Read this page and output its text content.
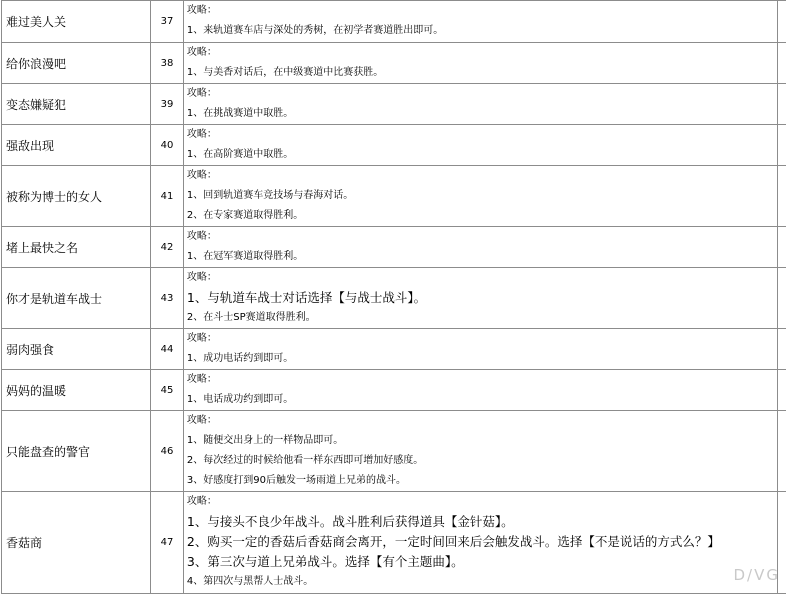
难过美人关	37	攻略：
1、来轨道赛车店与深处的秀树，在初学者赛道胜出即可。	

给你浪漫吧	38	攻略：
1、与美香对话后，在中级赛道中比赛获胜。	

变态嫌疑犯	39	攻略：
1、在挑战赛道中取胜。	

强敌出现	40	攻略：
1、在高阶赛道中取胜。	

被称为博士的女人	41	攻略：
1、回到轨道赛车竞技场与春海对话。
2、在专家赛道取得胜利。	

堵上最快之名	42	攻略：
1、在冠军赛道取得胜利。	

你才是轨道车战士	43	攻略：
1、与轨道车战士对话选择【与战士战斗】。
2、在斗士SP赛道取得胜利。	

弱肉强食	44	攻略：
1、成功电话约到即可。	

妈妈的温暖	45	攻略：
1、电话成功约到即可。	

只能盘查的警官	46	攻略：
1、随便交出身上的一样物品即可。
2、每次经过的时候给他看一样东西即可增加好感度。
3、好感度打到90后触发一场雨道上兄弟的战斗。	

香菇商	47	攻略：
1、与接头不良少年战斗。战斗胜利后获得道具【金针菇】。
2、购买一定的香菇后香菇商会离开，一定时间回来后会触发战斗。选择【不是说话的方式么？】
3、第三次与道上兄弟战斗。选择【有个主题曲】。
4、第四次与黑帮人士战斗。	
		D/VG
